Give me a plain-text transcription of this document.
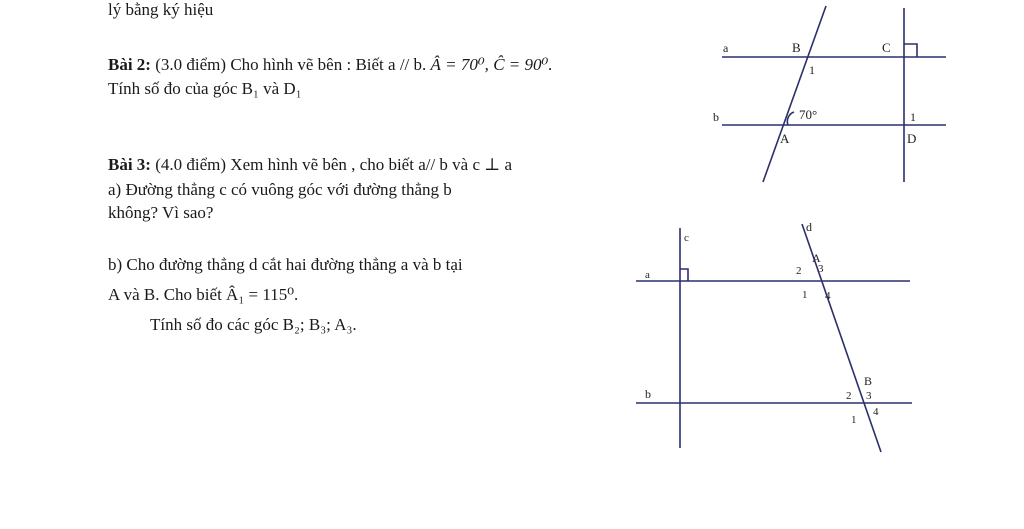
lý bằng ký hiệu
Bài 2: (3.0 điểm) Cho hình vẽ bên : Biết a // b. Â = 70⁰, Ĉ = 90⁰.
Tính số đo của góc B₁ và D₁
Bài 3: (4.0 điểm) Xem hình vẽ bên , cho biết a// b và c ⊥ a
a) Đường thẳng c có vuông góc với đường thẳng b
không? Vì sao?
b) Cho đường thẳng d cắt hai đường thẳng a và b tại
A và B. Cho biết Â₁ = 115⁰.
Tính số đo các góc B₂; B₃; A₃.
a
b
B	C
1
70°	1
A	D
c
d
a
b
A
2 3
1 4
B
2 3
1
4
